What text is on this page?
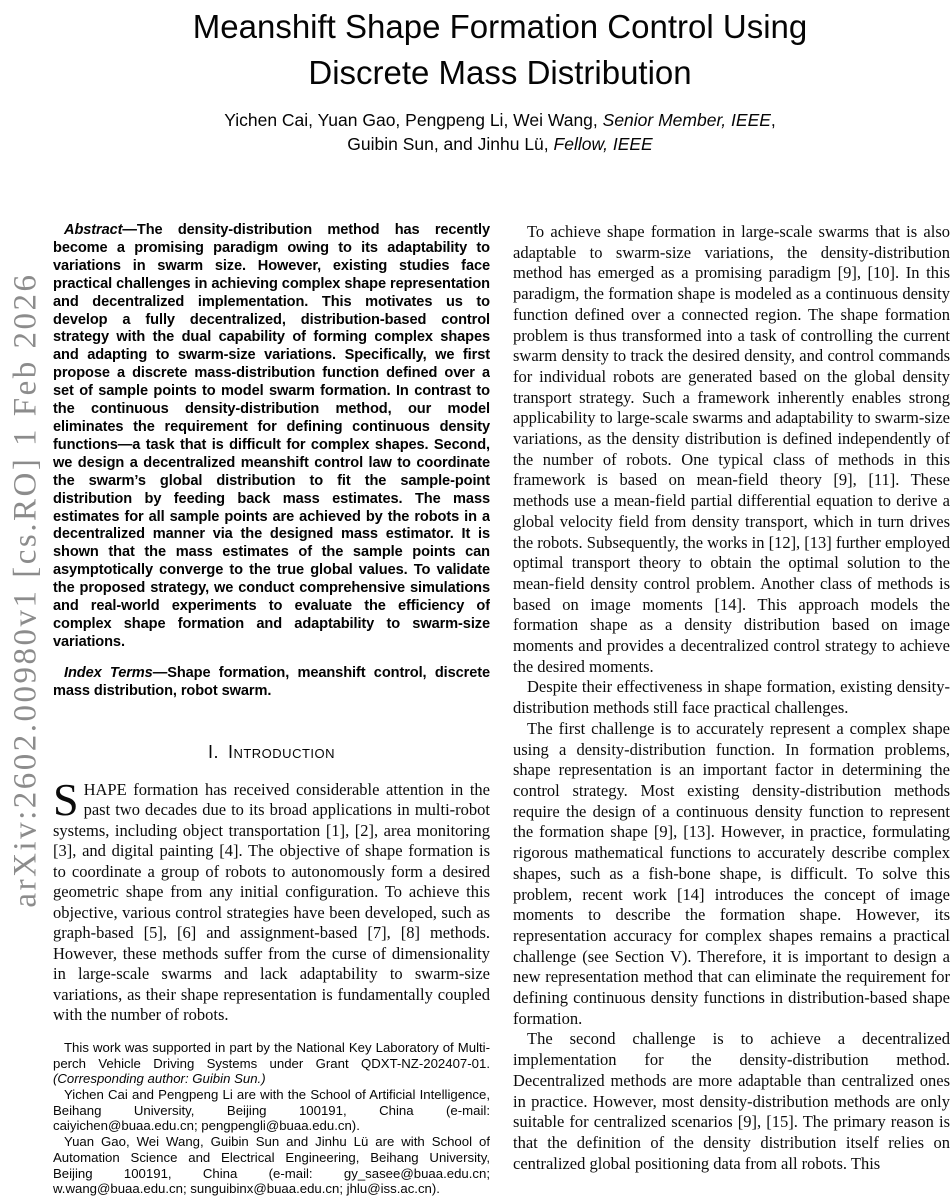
arXiv:2602.00980v1 [cs.RO] 1 Feb 2026
Meanshift Shape Formation Control Using
Discrete Mass Distribution
Yichen Cai, Yuan Gao, Pengpeng Li, Wei Wang, Senior Member, IEEE,
Guibin Sun, and Jinhu Lü, Fellow, IEEE

Abstract—The density-distribution method has recently become a promising paradigm owing to its adaptability to variations in swarm size. However, existing studies face practical challenges in achieving complex shape representation and decentralized implementation. This motivates us to develop a fully decentralized, distribution-based control strategy with the dual capability of forming complex shapes and adapting to swarm-size variations. Specifically, we first propose a discrete mass-distribution function defined over a set of sample points to model swarm formation. In contrast to the continuous density-distribution method, our model eliminates the requirement for defining continuous density functions—a task that is difficult for complex shapes. Second, we design a decentralized meanshift control law to coordinate the swarm’s global distribution to fit the sample-point distribution by feeding back mass estimates. The mass estimates for all sample points are achieved by the robots in a decentralized manner via the designed mass estimator. It is shown that the mass estimates of the sample points can asymptotically converge to the true global values. To validate the proposed strategy, we conduct comprehensive simulations and real-world experiments to evaluate the efficiency of complex shape formation and adaptability to swarm-size variations.

Index Terms—Shape formation, meanshift control, discrete mass distribution, robot swarm.

I. Introduction

SHAPE formation has received considerable attention in the past two decades due to its broad applications in multi-robot systems, including object transportation [1], [2], area monitoring [3], and digital painting [4]. The objective of shape formation is to coordinate a group of robots to autonomously form a desired geometric shape from any initial configuration. To achieve this objective, various control strategies have been developed, such as graph-based [5], [6] and assignment-based [7], [8] methods. However, these methods suffer from the curse of dimensionality in large-scale swarms and lack adaptability to swarm-size variations, as their shape representation is fundamentally coupled with the number of robots.

This work was supported in part by the National Key Laboratory of Multi-perch Vehicle Driving Systems under Grant QDXT-NZ-202407-01. (Corresponding author: Guibin Sun.)

Yichen Cai and Pengpeng Li are with the School of Artificial Intelligence, Beihang University, Beijing 100191, China (e-mail: caiyichen@buaa.edu.cn; pengpengli@buaa.edu.cn).

Yuan Gao, Wei Wang, Guibin Sun and Jinhu Lü are with School of Automation Science and Electrical Engineering, Beihang University, Beijing 100191, China (e-mail: gy_sasee@buaa.edu.cn; w.wang@buaa.edu.cn; sunguibinx@buaa.edu.cn; jhlu@iss.ac.cn).

To achieve shape formation in large-scale swarms that is also adaptable to swarm-size variations, the density-distribution method has emerged as a promising paradigm [9], [10]. In this paradigm, the formation shape is modeled as a continuous density function defined over a connected region. The shape formation problem is thus transformed into a task of controlling the current swarm density to track the desired density, and control commands for individual robots are generated based on the global density transport strategy. Such a framework inherently enables strong applicability to large-scale swarms and adaptability to swarm-size variations, as the density distribution is defined independently of the number of robots. One typical class of methods in this framework is based on mean-field theory [9], [11]. These methods use a mean-field partial differential equation to derive a global velocity field from density transport, which in turn drives the robots. Subsequently, the works in [12], [13] further employed optimal transport theory to obtain the optimal solution to the mean-field density control problem. Another class of methods is based on image moments [14]. This approach models the formation shape as a density distribution based on image moments and provides a decentralized control strategy to achieve the desired moments.

Despite their effectiveness in shape formation, existing density-distribution methods still face practical challenges.

The first challenge is to accurately represent a complex shape using a density-distribution function. In formation problems, shape representation is an important factor in determining the control strategy. Most existing density-distribution methods require the design of a continuous density function to represent the formation shape [9], [13]. However, in practice, formulating rigorous mathematical functions to accurately describe complex shapes, such as a fish-bone shape, is difficult. To solve this problem, recent work [14] introduces the concept of image moments to describe the formation shape. However, its representation accuracy for complex shapes remains a practical challenge (see Section V). Therefore, it is important to design a new representation method that can eliminate the requirement for defining continuous density functions in distribution-based shape formation.

The second challenge is to achieve a decentralized implementation for the density-distribution method. Decentralized methods are more adaptable than centralized ones in practice. However, most density-distribution methods are only suitable for centralized scenarios [9], [15]. The primary reason is that the definition of the density distribution itself relies on centralized global positioning data from all robots. This
